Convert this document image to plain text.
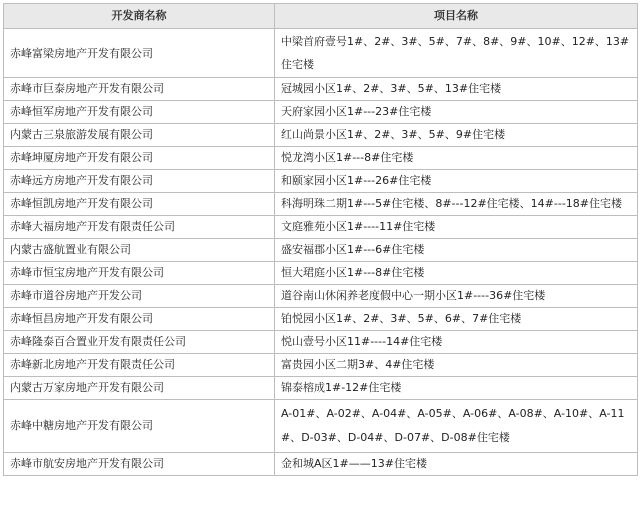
开发商名称	项目名称
赤峰富梁房地产开发有限公司	中梁首府壹号1#、2#、3#、5#、7#、8#、9#、10#、12#、13#住宅楼
赤峰市巨泰房地产开发有限公司	冠城园小区1#、2#、3#、5#、13#住宅楼
赤峰恒军房地产开发有限公司	天府家园小区1#---23#住宅楼
内蒙古三泉旅游发展有限公司	红山尚景小区1#、2#、3#、5#、9#住宅楼
赤峰坤厦房地产开发有限公司	悦龙湾小区1#---8#住宅楼
赤峰远方房地产开发有限公司	和颐家园小区1#---26#住宅楼
赤峰恒凯房地产开发有限公司	科海明珠二期1#---5#住宅楼、8#---12#住宅楼、14#---18#住宅楼
赤峰大福房地产开发有限责任公司	文庭雅苑小区1#----11#住宅楼
内蒙古盛航置业有限公司	盛安福郡小区1#---6#住宅楼
赤峰市恒宝房地产开发有限公司	恒大珺庭小区1#---8#住宅楼
赤峰市道谷房地产开发公司	道谷南山休闲养老度假中心一期小区1#----36#住宅楼
赤峰恒昌房地产开发有限公司	铂悦园小区1#、2#、3#、5#、6#、7#住宅楼
赤峰隆泰百合置业开发有限责任公司	悦山壹号小区11#----14#住宅楼
赤峰新北房地产开发有限责任公司	富贵园小区二期3#、4#住宅楼
内蒙古万家房地产开发有限公司	锦泰榕成1#-12#住宅楼
赤峰中糖房地产开发有限公司	A-01#、A-02#、A-04#、A-05#、A-06#、A-08#、A-10#、A-11#、D-03#、D-04#、D-07#、D-08#住宅楼
赤峰市航安房地产开发有限公司	金和城A区1#——13#住宅楼
